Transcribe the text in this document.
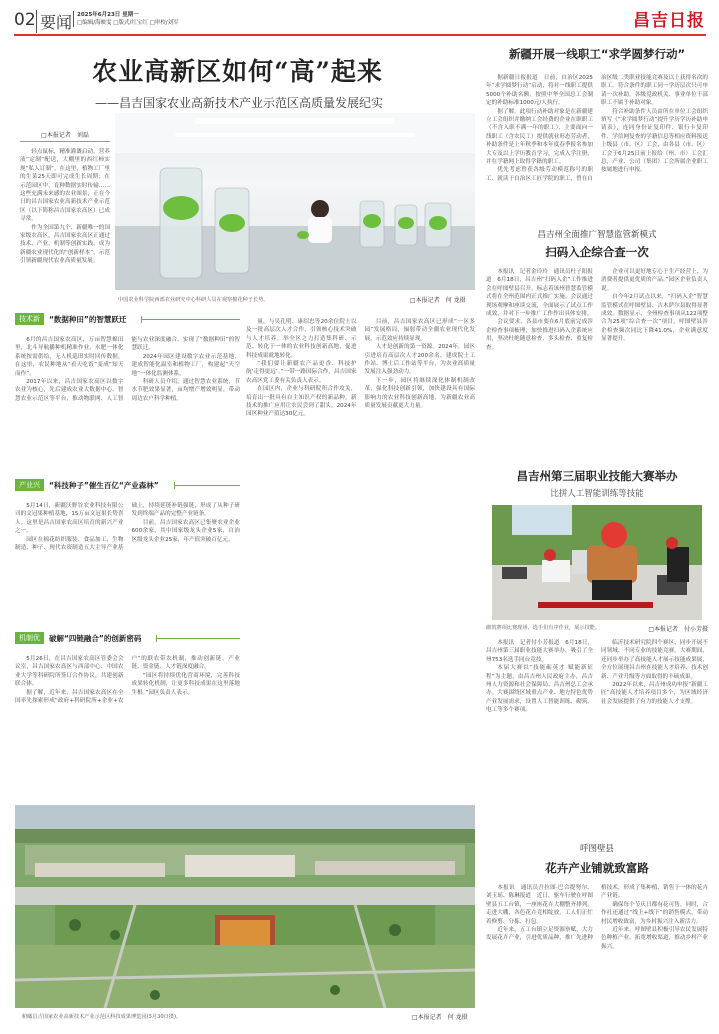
02 要闻 2025年6月23日 星期一
□编辑/海映雯 □版式/红宝红 □审校/刘军	昌吉日报
农业高新区如何“高”起来
——昌吉国家农业高新技术产业示范区高质量发展纪实
□本报记者　刘磊

轻点鼠标，精准灌溉启动，营养液“定制”配送，大棚里的西红柿实现“私人订制”。在这里，植物工厂里的生菜25天即可完成生长周期；在示范园区中，育种数据实时传输……这些充满未来感的农业图景，正在今日的昌吉国家农业高新技术产业示范区（以下简称昌吉国家农高区）已成寻常。

作为全国第九个、新疆唯一的国家级农高区，昌吉国家农高区正通过技术、产业、机制等创新实践，成为新疆农业现代化的“创新样本”，示范引领新疆现代农业高质量发展。

中国农业科学院西部农业研究中心科研人员在观察棉花种子长势。	□本报记者　何 龙摄
技术新	“数据种田”的智慧跃迁

6月的昌吉国家农高区，万亩智慧棉田里，北斗导航播种机精准作业，水肥一体化系统按需供给，无人机巡田实时回传数据。在这里，农民种地从“看天吃饭”变成“知天而作”。

2017年以来，昌吉国家农高区以数字农业为核心，先后建成农业大数据中心、智慧农业示范区等平台，推动物联网、人工智能与农业深度融合，实现了“数据种田”的智慧跃迁。

2024年园区建设数字农业示范基地，建成智能化温室和植物工厂，构建起“天空地”一体化监测体系。

科研人员介绍，通过智慧农业系统，节水节肥效果显著，亩均增产增效明显，带动周边农户科学种植。

产业兴	“科技种子”催生百亿“产业森林”

5月14日，新疆沃野谷农业科技有限公司的文冠果种植基地，15万亩文冠果长势喜人。这里是昌吉国家农高区培育的新兴产业之一。

园区在棉花纺织服装、食品加工、生物制造、种子、现代农资制造五大主导产业基础上，持续延链补链强链，形成了从种子研发到终端产品的完整产业链条。

目前，昌吉国家农高区已集聚农业企业600余家，其中国家级龙头企业5家，自治区级龙头企业25家，年产值突破百亿元。

机制优	破解“四链融合”的创新密码

5月26日，在昌吉国家农高区管委会会议室，昌吉国家农高区与西部中心、中国农业大学等科研院所签订合作协议，共建创新联合体。

据了解，近年来，昌吉国家农高区在全国率先探索形成“政府+科研院所+企业+农户”的联农带农机制，推动创新链、产业链、资金链、人才链深度融合。

“园区将持续优化营商环境，完善科技成果转化机制，让更多科技成果在这里落地生根。”园区负责人表示。

量，与吴孔明、康绍忠等20余位院士以及一批高层次人才合作，引领核心技术突破与人才培养。举全区之力打造集科研、示范、转化于一体的农业科技创新高地，促进科技成果就地转化。

“我们要让新疆农产品更香、科技护航‘走得更远’。”一带一路国际合作，昌吉国家农高区党工委有关负责人表示。

在园区内，企业与科研院所合作攻关，培育出一批具有自主知识产权的新品种，新技术的推广应用让农民尝到了甜头。2024年园区种业产值达30亿元。

目前，昌吉国家农高区已形成“一区多园”发展格局，辐射带动全疆农业现代化发展，示范效应持续显现。

人才是创新的第一资源。2024年，园区引进培育高层次人才200余名，建成院士工作站、博士后工作站等平台，为农业高质量发展注入强劲动力。

下一步，园区将继续深化体制机制改革，强化科技创新引领，加快建设具有国际影响力的农业科技创新高地，为新疆农业高质量发展贡献更大力量。

俯瞰昌吉国家农业高新技术产业示范区科技成果博览园(5月30日摄)。	□本报记者　何 龙摄
新疆开展一线职工“求学圆梦行动”

据新疆日报报道　日前，自治区2025年“求学圆梦行动”启动，将对一线职工提供5000个补助名额，按照中华全国总工会制定的补助标准1000元/人执行。

据了解，此项行动补助对象是在新疆建立工会组织并缴纳工会经费的企业在职职工（不含入职不满一年的职工），主要面向一线职工（含农民工）提供就业形态劳动者，补助条件是上年秋季和本年度春季报名参加大专及以上学历教育学习，完成入学注册，并在学籍网上取得学籍的职工。

优先考虑曾获各级劳动模范称号的职工、就读于自治区工匠学院的职工、曾在自治区级二类职业技能竞赛及以上获得名次的职工。符合条件的职工同一学历层次只可申请一次补助，各级党政机关、事业单位干部职工不属于补助对象。

符合补助条件人员由所在单位工会组织填写《“求学圆梦行动”提升学历学历补助申请表》，连同身份证复印件、银行卡复印件、学信网复查的学籍信息等相应资料报送上级县（市、区）工会，由各县（市、区）工会于6月25日前上报给（州、市）工会汇总，产业、公司（集团）工会所属企业职工按属地进行申报。

昌吉州全面推广智慧监管新模式
扫码入企综合查一次

本报讯　记者金玲玲　通讯员杜子阳报道　6月18日，昌吉州“扫码入企”工作推进会在呼图壁县召开，标志着该州智慧监管模式将在全州范围内正式推广实施。会议通过现场观摩和座谈交流，全面展示了试点工作成效，并对下一步推广工作作出具体安排。

会议要求，各县市要在6月底前完成涉企检查事项梳理，加快推进扫码入企系统应用，坚决杜绝随意检查、多头检查、重复检查。

企业可以更好地专心于生产经营上，为消费者提供更优质的产品。”园区企业负责人说。

自今年2月试点以来，“扫码入企”智慧监管模式在呼图壁县、吉木萨尔县取得显著成效。数据显示，全州检查事项从122项整合为25项“综合查一次”项目，呼图壁县涉企检查频次同比下降41.0%，企业满意度显著提升。

昌吉州第三届职业技能大赛举办
比拼人工智能训练等技能
砌筑赛项比赛现场，选手们有序作业，展示技能。	□本报记者　付小芳摄

本报讯　记者付小芳报道　6月18日，昌吉州第三届职业技能大赛举办，吸引了全州753名选手同台竞技。

本届大赛以“技能砺英才 赋能新征程”为主题，由昌吉州人民政府主办，昌吉州人力资源和社会保障局、昌吉州总工会承办。大赛围绕区域重点产业、地方特色优势产业发展需求，设置人工智能训练、砌筑、电工等多个赛项。

临沂技术研究院四个赛区，同步开展不同领域、不同专业的技能竞赛。大赛期间，还同步举办了高技能人才展示技能成果展，全方位展现昌吉州在技能人才培养、技术创新、产业升级等方面取得的丰硕成果。

2022年以来，昌吉州成功申报“新疆工匠”高技能人才培养项目多个，为区域经济社会发展提供了有力的技能人才支撑。

呼图壁县
花卉产业铺就致富路

本报讯　通讯员吾拉图·巴合提努尔、刘玉瑶、陈琳报道　近日，驱车行驶在呼图壁县五工台镇，一座座花卉大棚整齐排列。走进大棚，各色花卉竞相绽放，工人们正忙着修剪、分拣、打包。

近年来，五工台镇立足资源禀赋，大力发展花卉产业，引进优质品种，推广先进种植技术，形成了集种植、销售于一体的花卉产业链。

确保每个节庆日都有花可售。同时，合作社还通过“线上+线下”的销售模式，带动村民增收致富，为乡村振兴注入新活力。

近年来，呼图壁县积极引导农民发展特色种植产业，拓宽增收渠道，推动乡村产业振兴。
